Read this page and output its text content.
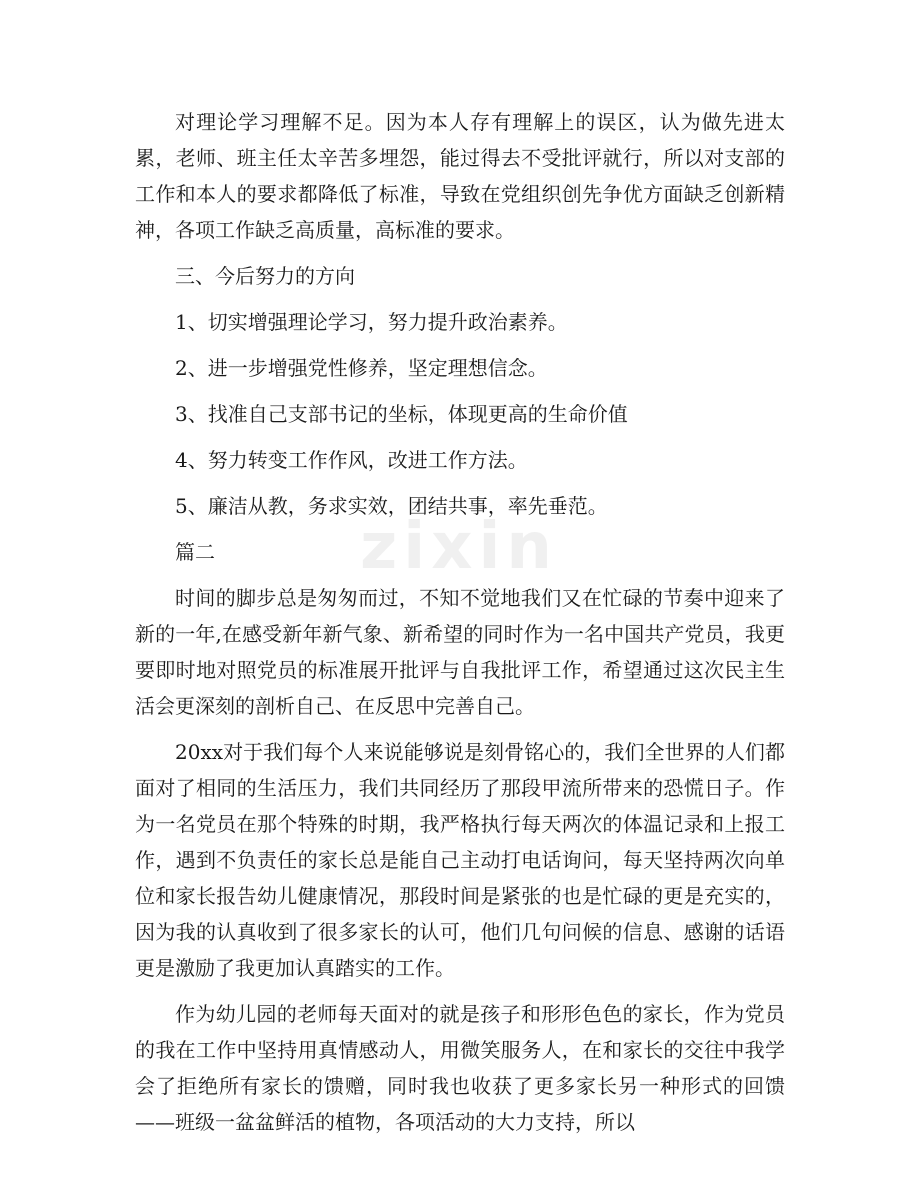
对理论学习理解不足。因为本人存有理解上的误区，认为做先进太累，老师、班主任太辛苦多埋怨，能过得去不受批评就行，所以对支部的工作和本人的要求都降低了标准，导致在党组织创先争优方面缺乏创新精神，各项工作缺乏高质量，高标准的要求。

三、今后努力的方向

1、切实增强理论学习，努力提升政治素养。

2、进一步增强党性修养，坚定理想信念。

3、找准自己支部书记的坐标，体现更高的生命价值

4、努力转变工作作风，改进工作方法。

5、廉洁从教，务求实效，团结共事，率先垂范。

篇二

时间的脚步总是匆匆而过，不知不觉地我们又在忙碌的节奏中迎来了新的一年,在感受新年新气象、新希望的同时作为一名中国共产党员，我更要即时地对照党员的标准展开批评与自我批评工作，希望通过这次民主生活会更深刻的剖析自己、在反思中完善自己。

20xx对于我们每个人来说能够说是刻骨铭心的，我们全世界的人们都面对了相同的生活压力，我们共同经历了那段甲流所带来的恐慌日子。作为一名党员在那个特殊的时期，我严格执行每天两次的体温记录和上报工作，遇到不负责任的家长总是能自己主动打电话询问，每天坚持两次向单位和家长报告幼儿健康情况，那段时间是紧张的也是忙碌的更是充实的，因为我的认真收到了很多家长的认可，他们几句问候的信息、感谢的话语更是激励了我更加认真踏实的工作。

作为幼儿园的老师每天面对的就是孩子和形形色色的家长，作为党员的我在工作中坚持用真情感动人，用微笑服务人，在和家长的交往中我学会了拒绝所有家长的馈赠，同时我也收获了更多家长另一种形式的回馈——班级一盆盆鲜活的植物，各项活动的大力支持，所以

zixin
